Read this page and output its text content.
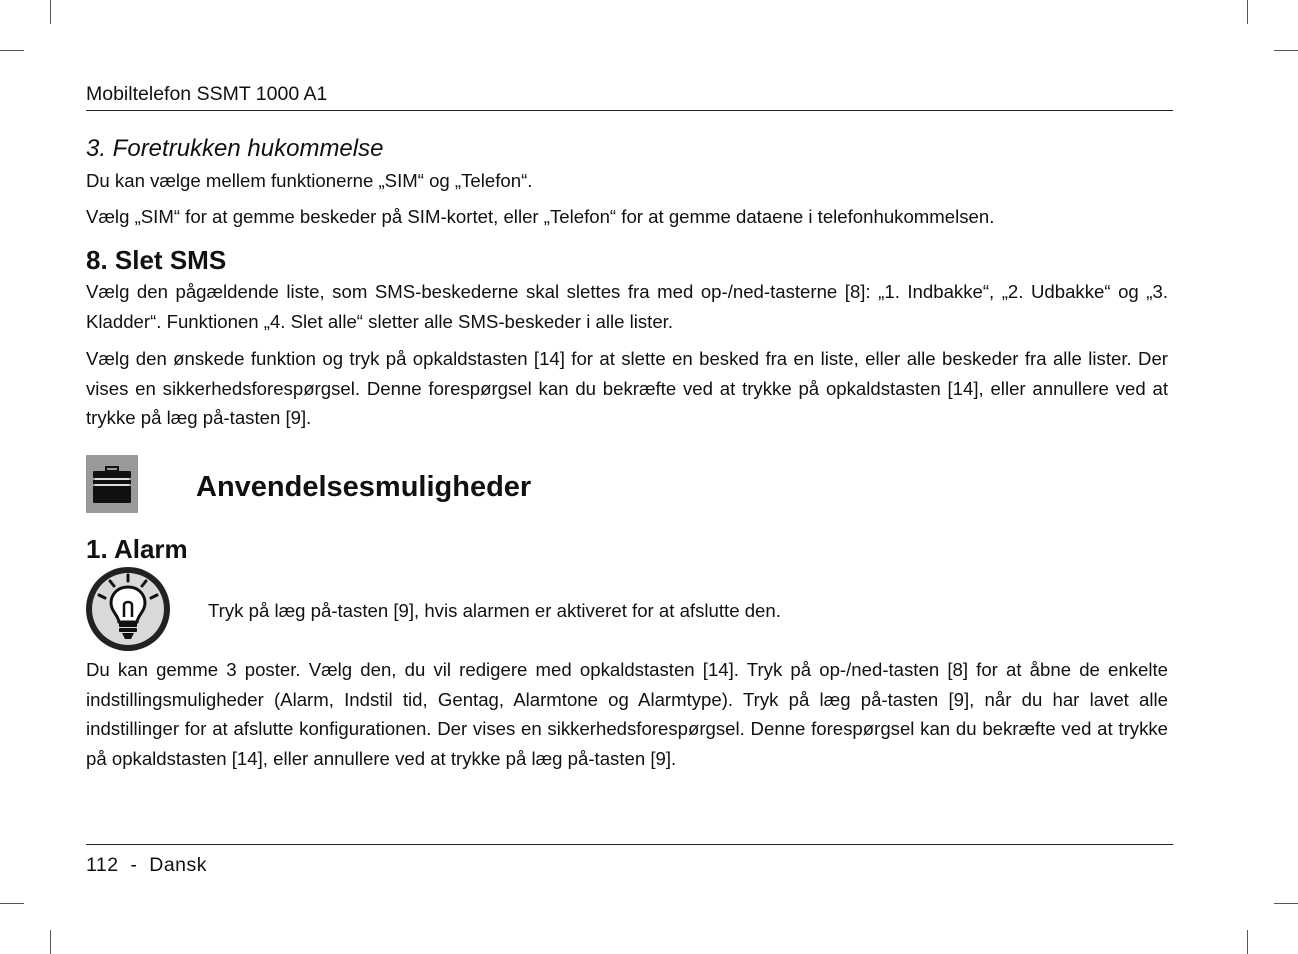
Mobiltelefon SSMT 1000 A1
3. Foretrukken hukommelse

Du kan vælge mellem funktionerne „SIM“ og „Telefon“.

Vælg „SIM“ for at gemme beskeder på SIM-kortet, eller „Telefon“ for at gemme dataene i telefonhukommelsen.

8. Slet SMS

Vælg den pågældende liste, som SMS-beskederne skal slettes fra med op-/ned-tasterne [8]: „1. Indbakke“, „2. Udbakke“ og „3. Kladder“. Funktionen „4. Slet alle“ sletter alle SMS-beskeder i alle lister.

Vælg den ønskede funktion og tryk på opkaldstasten [14] for at slette en besked fra en liste, eller alle beskeder fra alle lister. Der vises en sikkerhedsforespørgsel. Denne forespørgsel kan du bekræfte ved at trykke på opkaldstasten [14], eller annullere ved at trykke på læg på-tasten [9].

Anvendelsesmuligheder
1. Alarm
Tryk på læg på-tasten [9], hvis alarmen er aktiveret for at afslutte den.

Du kan gemme 3 poster. Vælg den, du vil redigere med opkaldstasten [14]. Tryk på op-/ned-tasten [8] for at åbne de enkelte indstillingsmuligheder (Alarm, Indstil tid, Gentag, Alarmtone og Alarmtype). Tryk på læg på-tasten [9], når du har lavet alle indstillinger for at afslutte konfigurationen. Der vises en sikkerhedsforespørgsel. Denne forespørgsel kan du bekræfte ved at trykke på opkaldstasten [14], eller annullere ved at trykke på læg på-tasten [9].

112  -  Dansk
